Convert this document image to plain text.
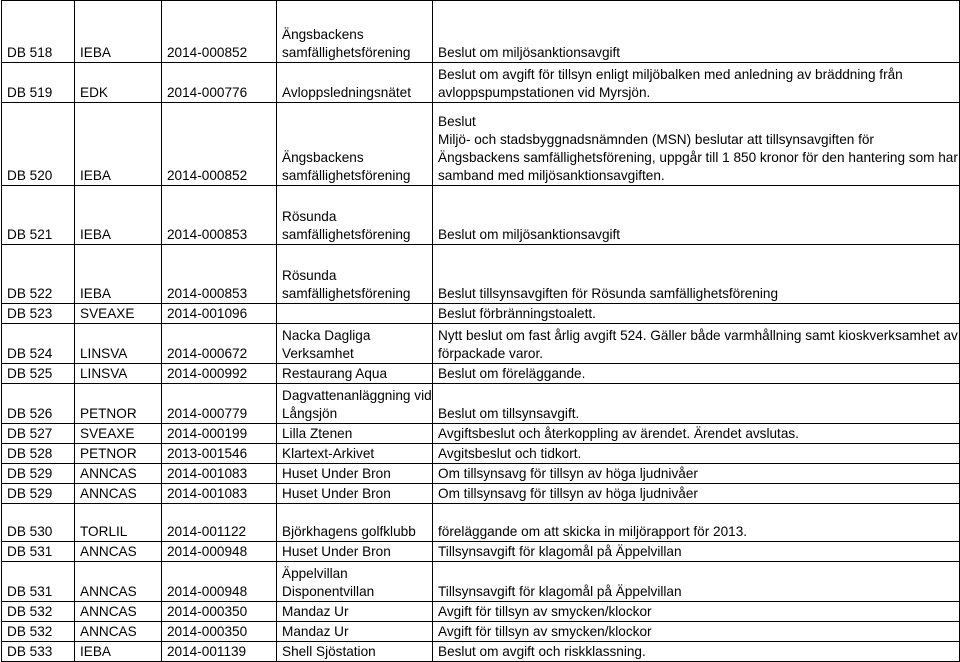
DB 518	IEBA	2014-000852	Ängsbackens samfällighetsförening	Beslut om miljösanktionsavgift
DB 519	EDK	2014-000776	Avloppsledningsnätet	Beslut om avgift för tillsyn enligt miljöbalken med anledning av bräddning från avloppspumpstationen vid Myrsjön.
DB 520	IEBA	2014-000852	Ängsbackens samfällighetsförening	Beslut
Miljö- och stadsbyggnadsnämnden (MSN) beslutar att tillsynsavgiften för Ängsbackens samfällighetsförening, uppgår till 1 850 kronor för den hantering som har samband med miljösanktionsavgiften.
DB 521	IEBA	2014-000853	Rösunda samfällighetsförening	Beslut om miljösanktionsavgift
DB 522	IEBA	2014-000853	Rösunda samfällighetsförening	Beslut tillsynsavgiften för Rösunda samfällighetsförening
DB 523	SVEAXE	2014-001096		Beslut förbränningstoalett.
DB 524	LINSVA	2014-000672	Nacka Dagliga Verksamhet	Nytt beslut om fast årlig avgift 524. Gäller både varmhållning samt kioskverksamhet av förpackade varor.
DB 525	LINSVA	2014-000992	Restaurang Aqua	Beslut om föreläggande.
DB 526	PETNOR	2014-000779	Dagvattenanläggning vid Långsjön	Beslut om tillsynsavgift.
DB 527	SVEAXE	2014-000199	Lilla Ztenen	Avgiftsbeslut och återkoppling av ärendet. Ärendet avslutas.
DB 528	PETNOR	2013-001546	Klartext-Arkivet	Avgitsbeslut och tidkort.
DB 529	ANNCAS	2014-001083	Huset Under Bron	Om tillsynsavg för tillsyn av höga ljudnivåer
DB 529	ANNCAS	2014-001083	Huset Under Bron	Om tillsynsavg för tillsyn av höga ljudnivåer
DB 530	TORLIL	2014-001122	Björkhagens golfklubb	föreläggande om att skicka in miljörapport för 2013.
DB 531	ANNCAS	2014-000948	Huset Under Bron	Tillsynsavgift för klagomål på Äppelvillan
DB 531	ANNCAS	2014-000948	Äppelvillan Disponentvillan	Tillsynsavgift för klagomål på Äppelvillan
DB 532	ANNCAS	2014-000350	Mandaz Ur	Avgift för tillsyn av smycken/klockor
DB 532	ANNCAS	2014-000350	Mandaz Ur	Avgift för tillsyn av smycken/klockor
DB 533	IEBA	2014-001139	Shell Sjöstation	Beslut om avgift och riskklassning.
